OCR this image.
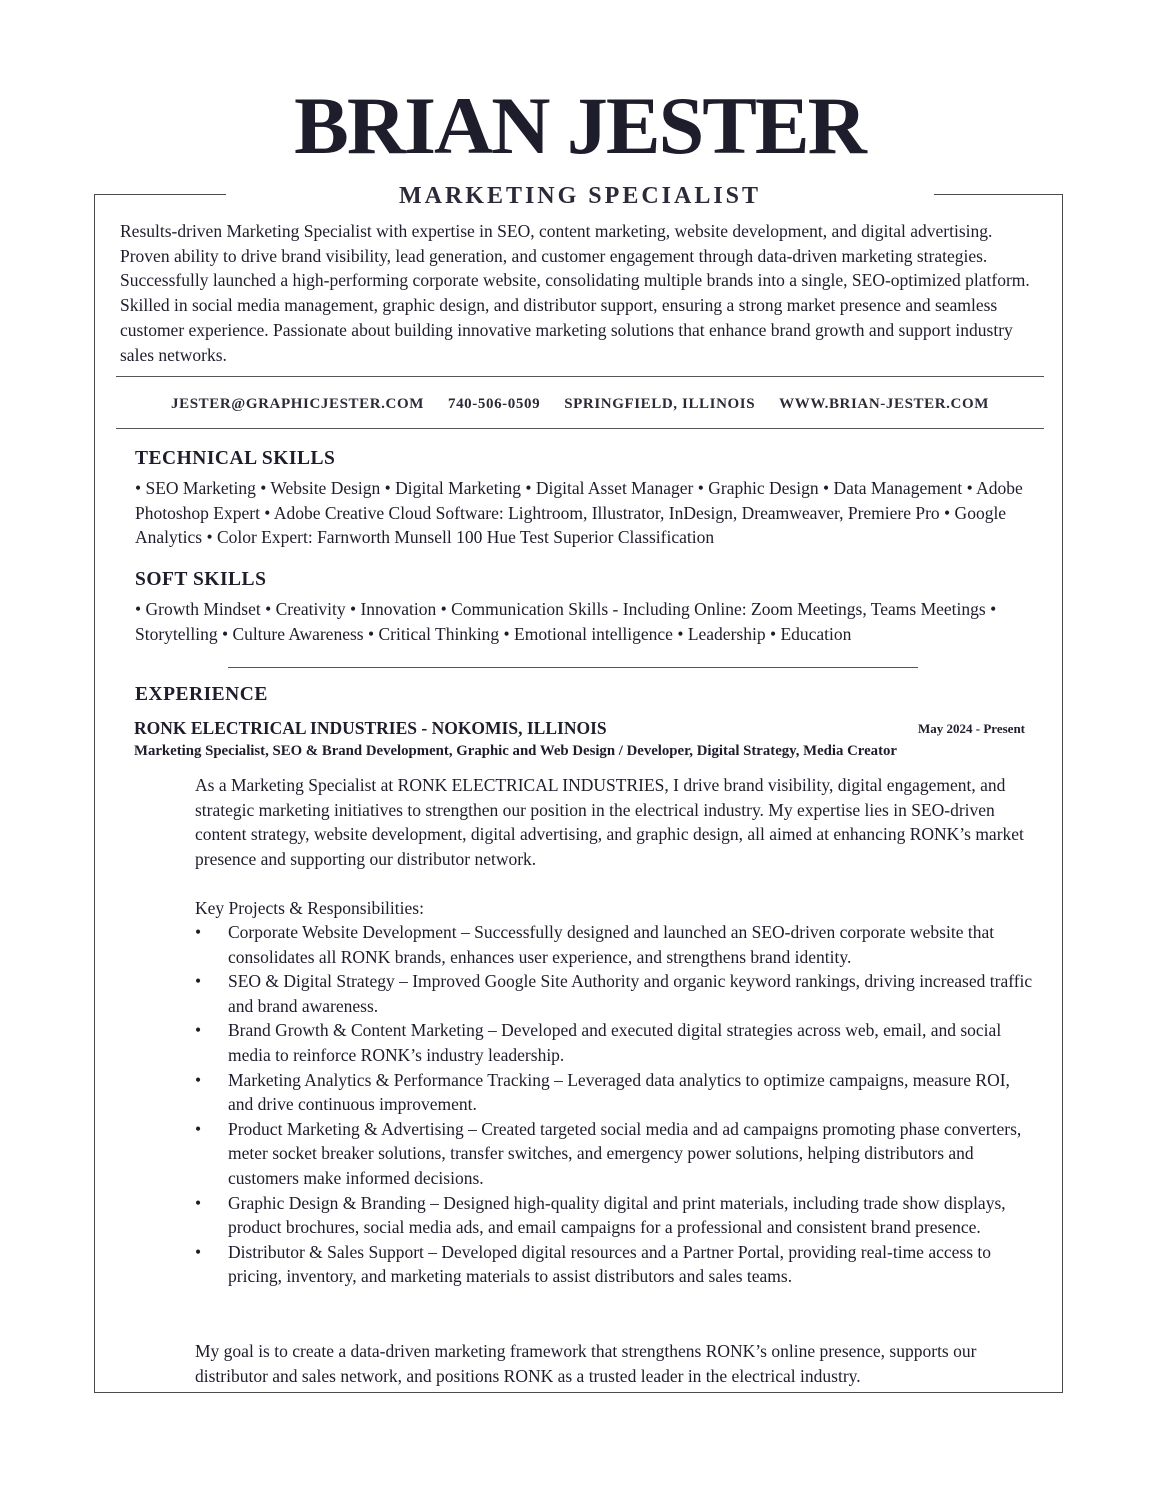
BRIAN JESTER
MARKETING SPECIALIST

Results-driven Marketing Specialist with expertise in SEO, content marketing, website development, and digital advertising. Proven ability to drive brand visibility, lead generation, and customer engagement through data-driven marketing strategies. Successfully launched a high-performing corporate website, consolidating multiple brands into a single, SEO-optimized platform. Skilled in social media management, graphic design, and distributor support, ensuring a strong market presence and seamless customer experience. Passionate about building innovative marketing solutions that enhance brand growth and support industry sales networks.

JESTER@GRAPHICJESTER.COM 740-506-0509 SPRINGFIELD, ILLINOIS WWW.BRIAN-JESTER.COM
TECHNICAL SKILLS

• SEO Marketing • Website Design • Digital Marketing • Digital Asset Manager • Graphic Design • Data Management • Adobe Photoshop Expert • Adobe Creative Cloud Software: Lightroom, Illustrator, InDesign, Dreamweaver, Premiere Pro • Google Analytics • Color Expert: Farnworth Munsell 100 Hue Test Superior Classification

SOFT SKILLS

• Growth Mindset • Creativity • Innovation • Communication Skills - Including Online: Zoom Meetings, Teams Meetings • Storytelling • Culture Awareness • Critical Thinking • Emotional intelligence • Leadership • Education

EXPERIENCE
RONK ELECTRICAL INDUSTRIES - NOKOMIS, ILLINOIS	May 2024 - Present
Marketing Specialist, SEO & Brand Development, Graphic and Web Design / Developer, Digital Strategy, Media Creator

As a Marketing Specialist at RONK ELECTRICAL INDUSTRIES, I drive brand visibility, digital engagement, and strategic marketing initiatives to strengthen our position in the electrical industry. My expertise lies in SEO-driven content strategy, website development, digital advertising, and graphic design, all aimed at enhancing RONK’s market presence and supporting our distributor network.

Key Projects & Responsibilities:

• Corporate Website Development – Successfully designed and launched an SEO-driven corporate website that consolidates all RONK brands, enhances user experience, and strengthens brand identity.
• SEO & Digital Strategy – Improved Google Site Authority and organic keyword rankings, driving increased traffic and brand awareness.
• Brand Growth & Content Marketing – Developed and executed digital strategies across web, email, and social media to reinforce RONK’s industry leadership.
• Marketing Analytics & Performance Tracking – Leveraged data analytics to optimize campaigns, measure ROI, and drive continuous improvement.
• Product Marketing & Advertising – Created targeted social media and ad campaigns promoting phase converters, meter socket breaker solutions, transfer switches, and emergency power solutions, helping distributors and customers make informed decisions.
• Graphic Design & Branding – Designed high-quality digital and print materials, including trade show displays, product brochures, social media ads, and email campaigns for a professional and consistent brand presence.
• Distributor & Sales Support – Developed digital resources and a Partner Portal, providing real-time access to pricing, inventory, and marketing materials to assist distributors and sales teams.

My goal is to create a data-driven marketing framework that strengthens RONK’s online presence, supports our distributor and sales network, and positions RONK as a trusted leader in the electrical industry.
